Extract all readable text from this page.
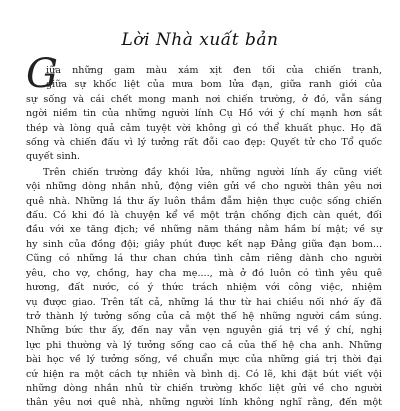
Lời Nhà xuất bản
G
iữa những gam màu xám xịt đen tối của chiến tranh,
giữa sự khốc liệt của mưa bom lửa đạn, giữa ranh giới của
sự sống và cái chết mong manh nơi chiến trường, ở đó, vẫn sáng
ngời niềm tin của những người lính Cụ Hồ với ý chí mạnh hơn sắt
thép và lòng quả cảm tuyệt vời không gì có thể khuất phục. Họ đã
sống và chiến đấu vì lý tưởng rất đỗi cao đẹp: Quyết tử cho Tổ quốc
quyết sinh.
Trên chiến trường đầy khói lửa, những người lính ấy cũng viết
vội những dòng nhắn nhủ, động viên gửi về cho người thân yêu nơi
quê nhà. Những lá thư ấy luôn thắm đẫm hiện thực cuộc sống chiến
đấu. Có khi đó là chuyện kể về một trận chống địch càn quét, đối
đầu với xe tăng địch; về những năm tháng nằm hầm bí mật; về sự
hy sinh của đồng đội; giây phút được kết nạp Đảng giữa đạn bom...
Cũng có những lá thư chan chứa tình cảm riêng dành cho người
yêu, cho vợ, chồng, hay cha mẹ...., mà ở đó luôn có tình yêu quê
hương, đất nước, có ý thức trách nhiệm với công việc, nhiệm
vụ được giao. Trên tất cả, những lá thư từ hai chiều nối nhớ ấy đã
trở thành lý tưởng sống của cả một thế hệ những người cầm súng.
Những bức thư ấy, đến nay vẫn vẹn nguyên giá trị về ý chí, nghị
lực phi thường và lý tưởng sống cao cả của thế hệ cha anh. Những
bài học về lý tưởng sống, về chuẩn mực của những giá trị thời đại
cứ hiện ra một cách tự nhiên và bình dị. Có lẽ, khi đặt bút viết vội
những dòng nhắn nhủ từ chiến trường khốc liệt gửi về cho người
thân yêu nơi quê nhà, những người lính không nghĩ rằng, đến một
